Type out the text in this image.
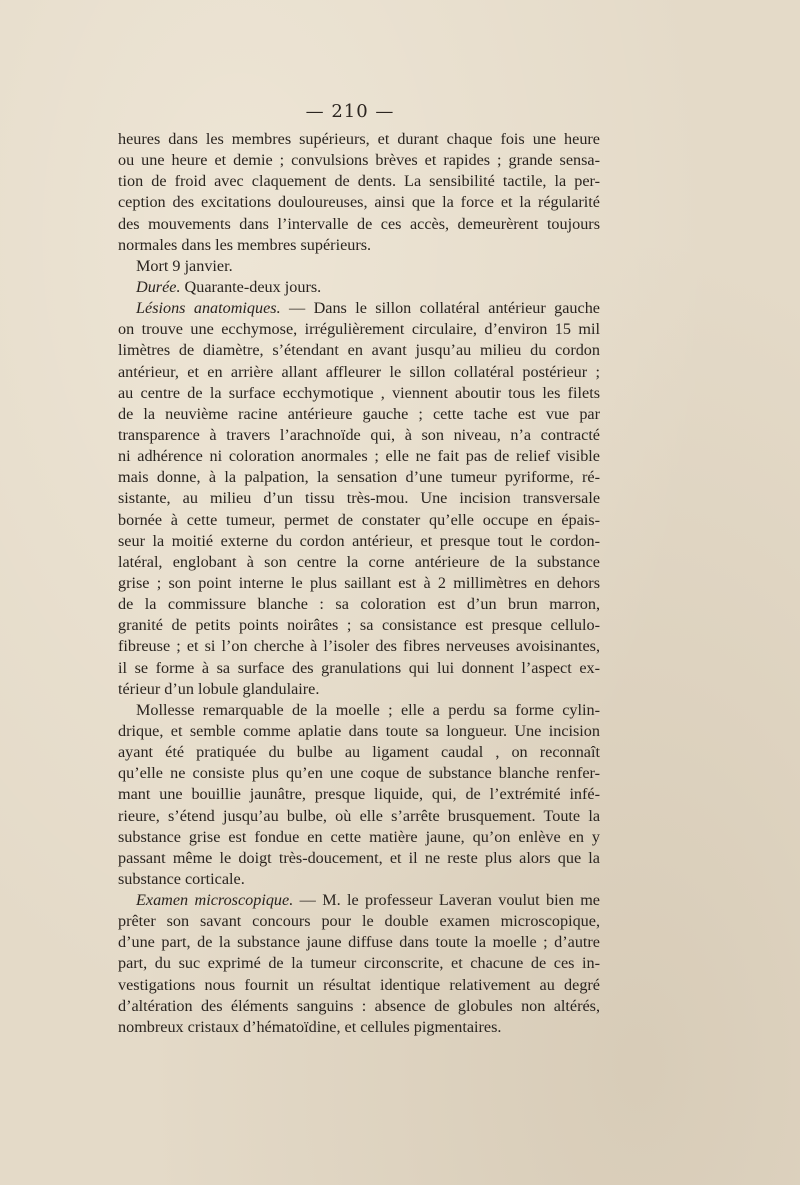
— 210 —
heures dans les membres supérieurs, et durant chaque fois une heure
ou une heure et demie ; convulsions brèves et rapides ; grande sensa-
tion de froid avec claquement de dents. La sensibilité tactile, la per-
ception des excitations douloureuses, ainsi que la force et la régularité
des mouvements dans l’intervalle de ces accès, demeurèrent toujours
normales dans les membres supérieurs.
Mort 9 janvier.
Durée. Quarante-deux jours.
Lésions anatomiques. — Dans le sillon collatéral antérieur gauche
on trouve une ecchymose, irrégulièrement circulaire, d’environ 15 mil
limètres de diamètre, s’étendant en avant jusqu’au milieu du cordon
antérieur, et en arrière allant affleurer le sillon collatéral postérieur ;
au centre de la surface ecchymotique , viennent aboutir tous les filets
de la neuvième racine antérieure gauche ; cette tache est vue par
transparence à travers l’arachnoïde qui, à son niveau, n’a contracté
ni adhérence ni coloration anormales ; elle ne fait pas de relief visible
mais donne, à la palpation, la sensation d’une tumeur pyriforme, ré-
sistante, au milieu d’un tissu très-mou. Une incision transversale
bornée à cette tumeur, permet de constater qu’elle occupe en épais-
seur la moitié externe du cordon antérieur, et presque tout le cordon-
latéral, englobant à son centre la corne antérieure de la substance
grise ; son point interne le plus saillant est à 2 millimètres en dehors
de la commissure blanche : sa coloration est d’un brun marron,
granité de petits points noirâtes ; sa consistance est presque cellulo-
fibreuse ; et si l’on cherche à l’isoler des fibres nerveuses avoisinantes,
il se forme à sa surface des granulations qui lui donnent l’aspect ex-
térieur d’un lobule glandulaire.
Mollesse remarquable de la moelle ; elle a perdu sa forme cylin-
drique, et semble comme aplatie dans toute sa longueur. Une incision
ayant été pratiquée du bulbe au ligament caudal , on reconnaît
qu’elle ne consiste plus qu’en une coque de substance blanche renfer-
mant une bouillie jaunâtre, presque liquide, qui, de l’extrémité infé-
rieure, s’étend jusqu’au bulbe, où elle s’arrête brusquement. Toute la
substance grise est fondue en cette matière jaune, qu’on enlève en y
passant même le doigt très-doucement, et il ne reste plus alors que la
substance corticale.
Examen microscopique. — M. le professeur Laveran voulut bien me
prêter son savant concours pour le double examen microscopique,
d’une part, de la substance jaune diffuse dans toute la moelle ; d’autre
part, du suc exprimé de la tumeur circonscrite, et chacune de ces in-
vestigations nous fournit un résultat identique relativement au degré
d’altération des éléments sanguins : absence de globules non altérés,
nombreux cristaux d’hématoïdine, et cellules pigmentaires.
